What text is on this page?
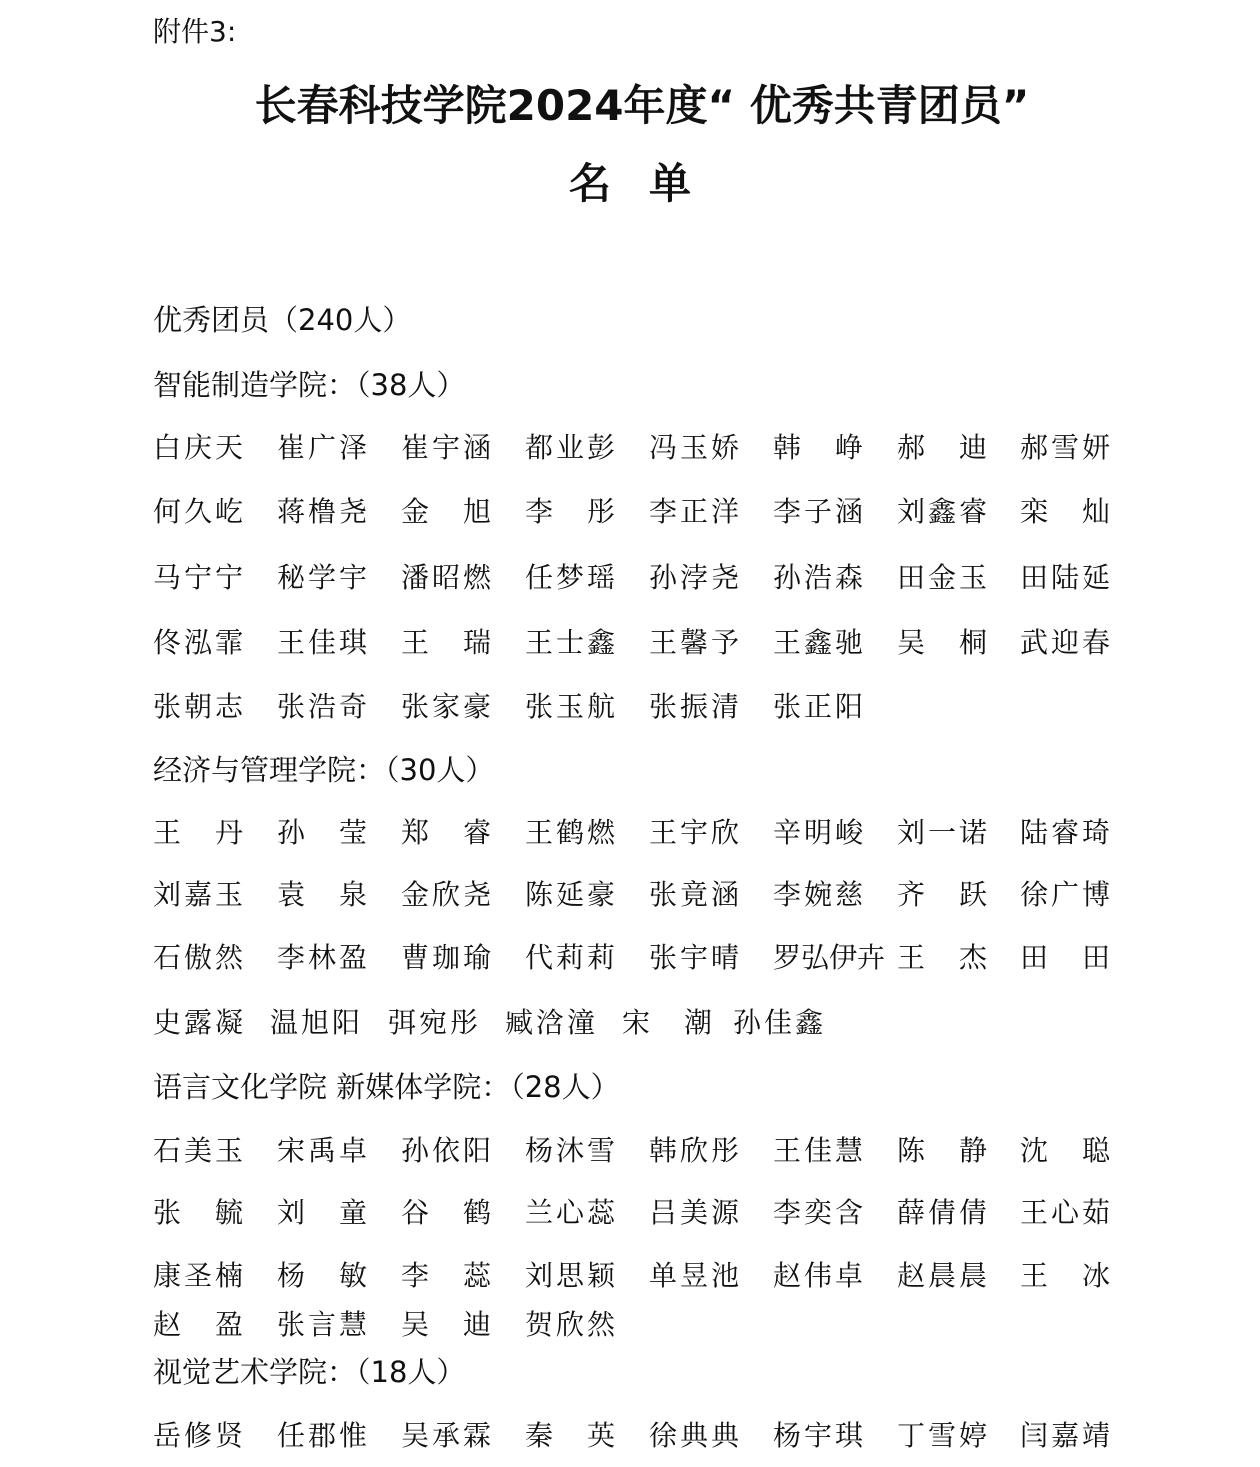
附件3:
长春科技学院2024年度“ 优秀共青团员”
名单
优秀团员（240人）
智能制造学院：（38人）
白庆天 崔广泽 崔宇涵 都业彭 冯玉娇 韩 峥 郝 迪 郝雪妍
何久屹 蒋橹尧 金 旭 李 彤 李正洋 李子涵 刘鑫睿 栾 灿
马宁宁 秘学宇 潘昭燃 任梦瑶 孙浡尧 孙浩森 田金玉 田陆延
佟泓霏 王佳琪 王 瑞 王士鑫 王馨予 王鑫驰 吴 桐 武迎春
张朝志 张浩奇 张家豪 张玉航 张振清 张正阳
经济与管理学院：（30人）
王 丹 孙 莹 郑 睿 王鹤燃 王宇欣 辛明峻 刘一诺 陆睿琦
刘嘉玉 袁 泉 金欣尧 陈延豪 张竟涵 李婉慈 齐 跃 徐广博
石傲然 李林盈 曹珈瑜 代莉莉 张宇晴 罗弘伊卉 王 杰 田 田
史露凝 温旭阳 弭宛彤 臧浛潼 宋 潮 孙佳鑫
语言文化学院 新媒体学院：（28人）
石美玉 宋禹卓 孙依阳 杨沐雪 韩欣彤 王佳慧 陈 静 沈 聪
张 毓 刘 童 谷 鹤 兰心蕊 吕美源 李奕含 薛倩倩 王心茹
康圣楠 杨 敏 李 蕊 刘思颖 单昱池 赵伟卓 赵晨晨 王 冰
赵 盈 张言慧 吴 迪 贺欣然
视觉艺术学院：（18人）
岳修贤 任郡惟 吴承霖 秦 英 徐典典 杨宇琪 丁雪婷 闫嘉靖
